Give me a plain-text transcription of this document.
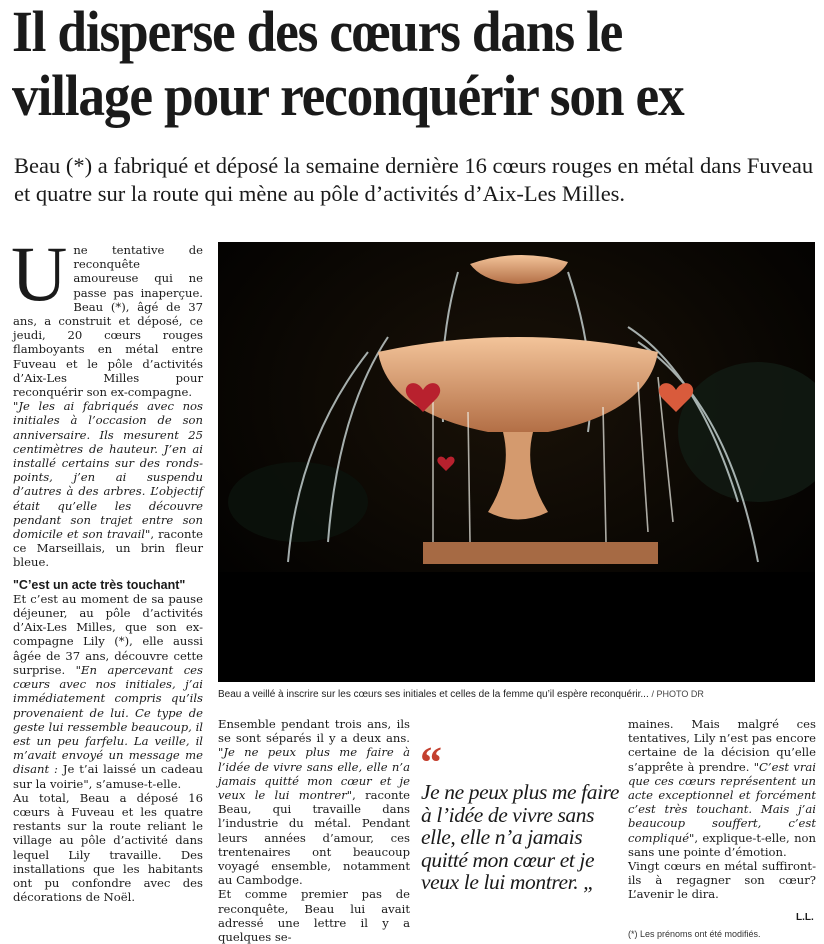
Il disperse des cœurs dans le village pour reconquérir son ex

Beau (*) a fabriqué et déposé la semaine dernière 16 cœurs rouges en métal dans Fuveau et quatre sur la route qui mène au pôle d’activités d’Aix-Les Milles.

Une tentative de reconquête amoureuse qui ne passe pas inaperçue. Beau (*), âgé de 37 ans, a construit et déposé, ce jeudi, 20 cœurs rouges flamboyants en métal entre Fuveau et le pôle d’activités d’Aix-Les Milles pour reconquérir son ex-compagne.

"Je les ai fabriqués avec nos initiales à l’occasion de son anniversaire. Ils mesurent 25 centimètres de hauteur. J’en ai installé certains sur des ronds-points, j’en ai suspendu d’autres à des arbres. L’objectif était qu’elle les découvre pendant son trajet entre son domicile et son travail", raconte ce Marseillais, un brin fleur bleue.

"C’est un acte très touchant"

Et c’est au moment de sa pause déjeuner, au pôle d’activités d’Aix-Les Milles, que son ex-compagne Lily (*), elle aussi âgée de 37 ans, découvre cette surprise. "En apercevant ces cœurs avec nos initiales, j’ai immédiatement compris qu’ils provenaient de lui. Ce type de geste lui ressemble beaucoup, il est un peu farfelu. La veille, il m’avait envoyé un message me disant : Je t’ai laissé un cadeau sur la voirie", s’amuse-t-elle.

Au total, Beau a déposé 16 cœurs à Fuveau et les quatre restants sur la route reliant le village au pôle d’activité dans lequel Lily travaille. Des installations que les habitants ont pu confondre avec des décorations de Noël.

Beau a veillé à inscrire sur les cœurs ses initiales et celles de la femme qu’il espère reconquérir... / PHOTO DR

Ensemble pendant trois ans, ils se sont séparés il y a deux ans. "Je ne peux plus me faire à l’idée de vivre sans elle, elle n’a jamais quitté mon cœur et je veux le lui montrer", raconte Beau, qui travaille dans l’industrie du métal. Pendant leurs années d’amour, ces trentenaires ont beaucoup voyagé ensemble, notamment au Cambodge.

Et comme premier pas de reconquête, Beau lui avait adressé une lettre il y a quelques se-

“
Je ne peux plus me faire à l’idée de vivre sans elle, elle n’a jamais quitté mon cœur et je veux le lui montrer. „

maines. Mais malgré ces tentatives, Lily n’est pas encore certaine de la décision qu’elle s’apprête à prendre. "C’est vrai que ces cœurs représentent un acte exceptionnel et forcément c’est très touchant. Mais j’ai beaucoup souffert, c’est compliqué", explique-t-elle, non sans une pointe d’émotion.

Vingt cœurs en métal suffiront-ils à regagner son cœur? L’avenir le dira.

L.L.
(*) Les prénoms ont été modifiés.
